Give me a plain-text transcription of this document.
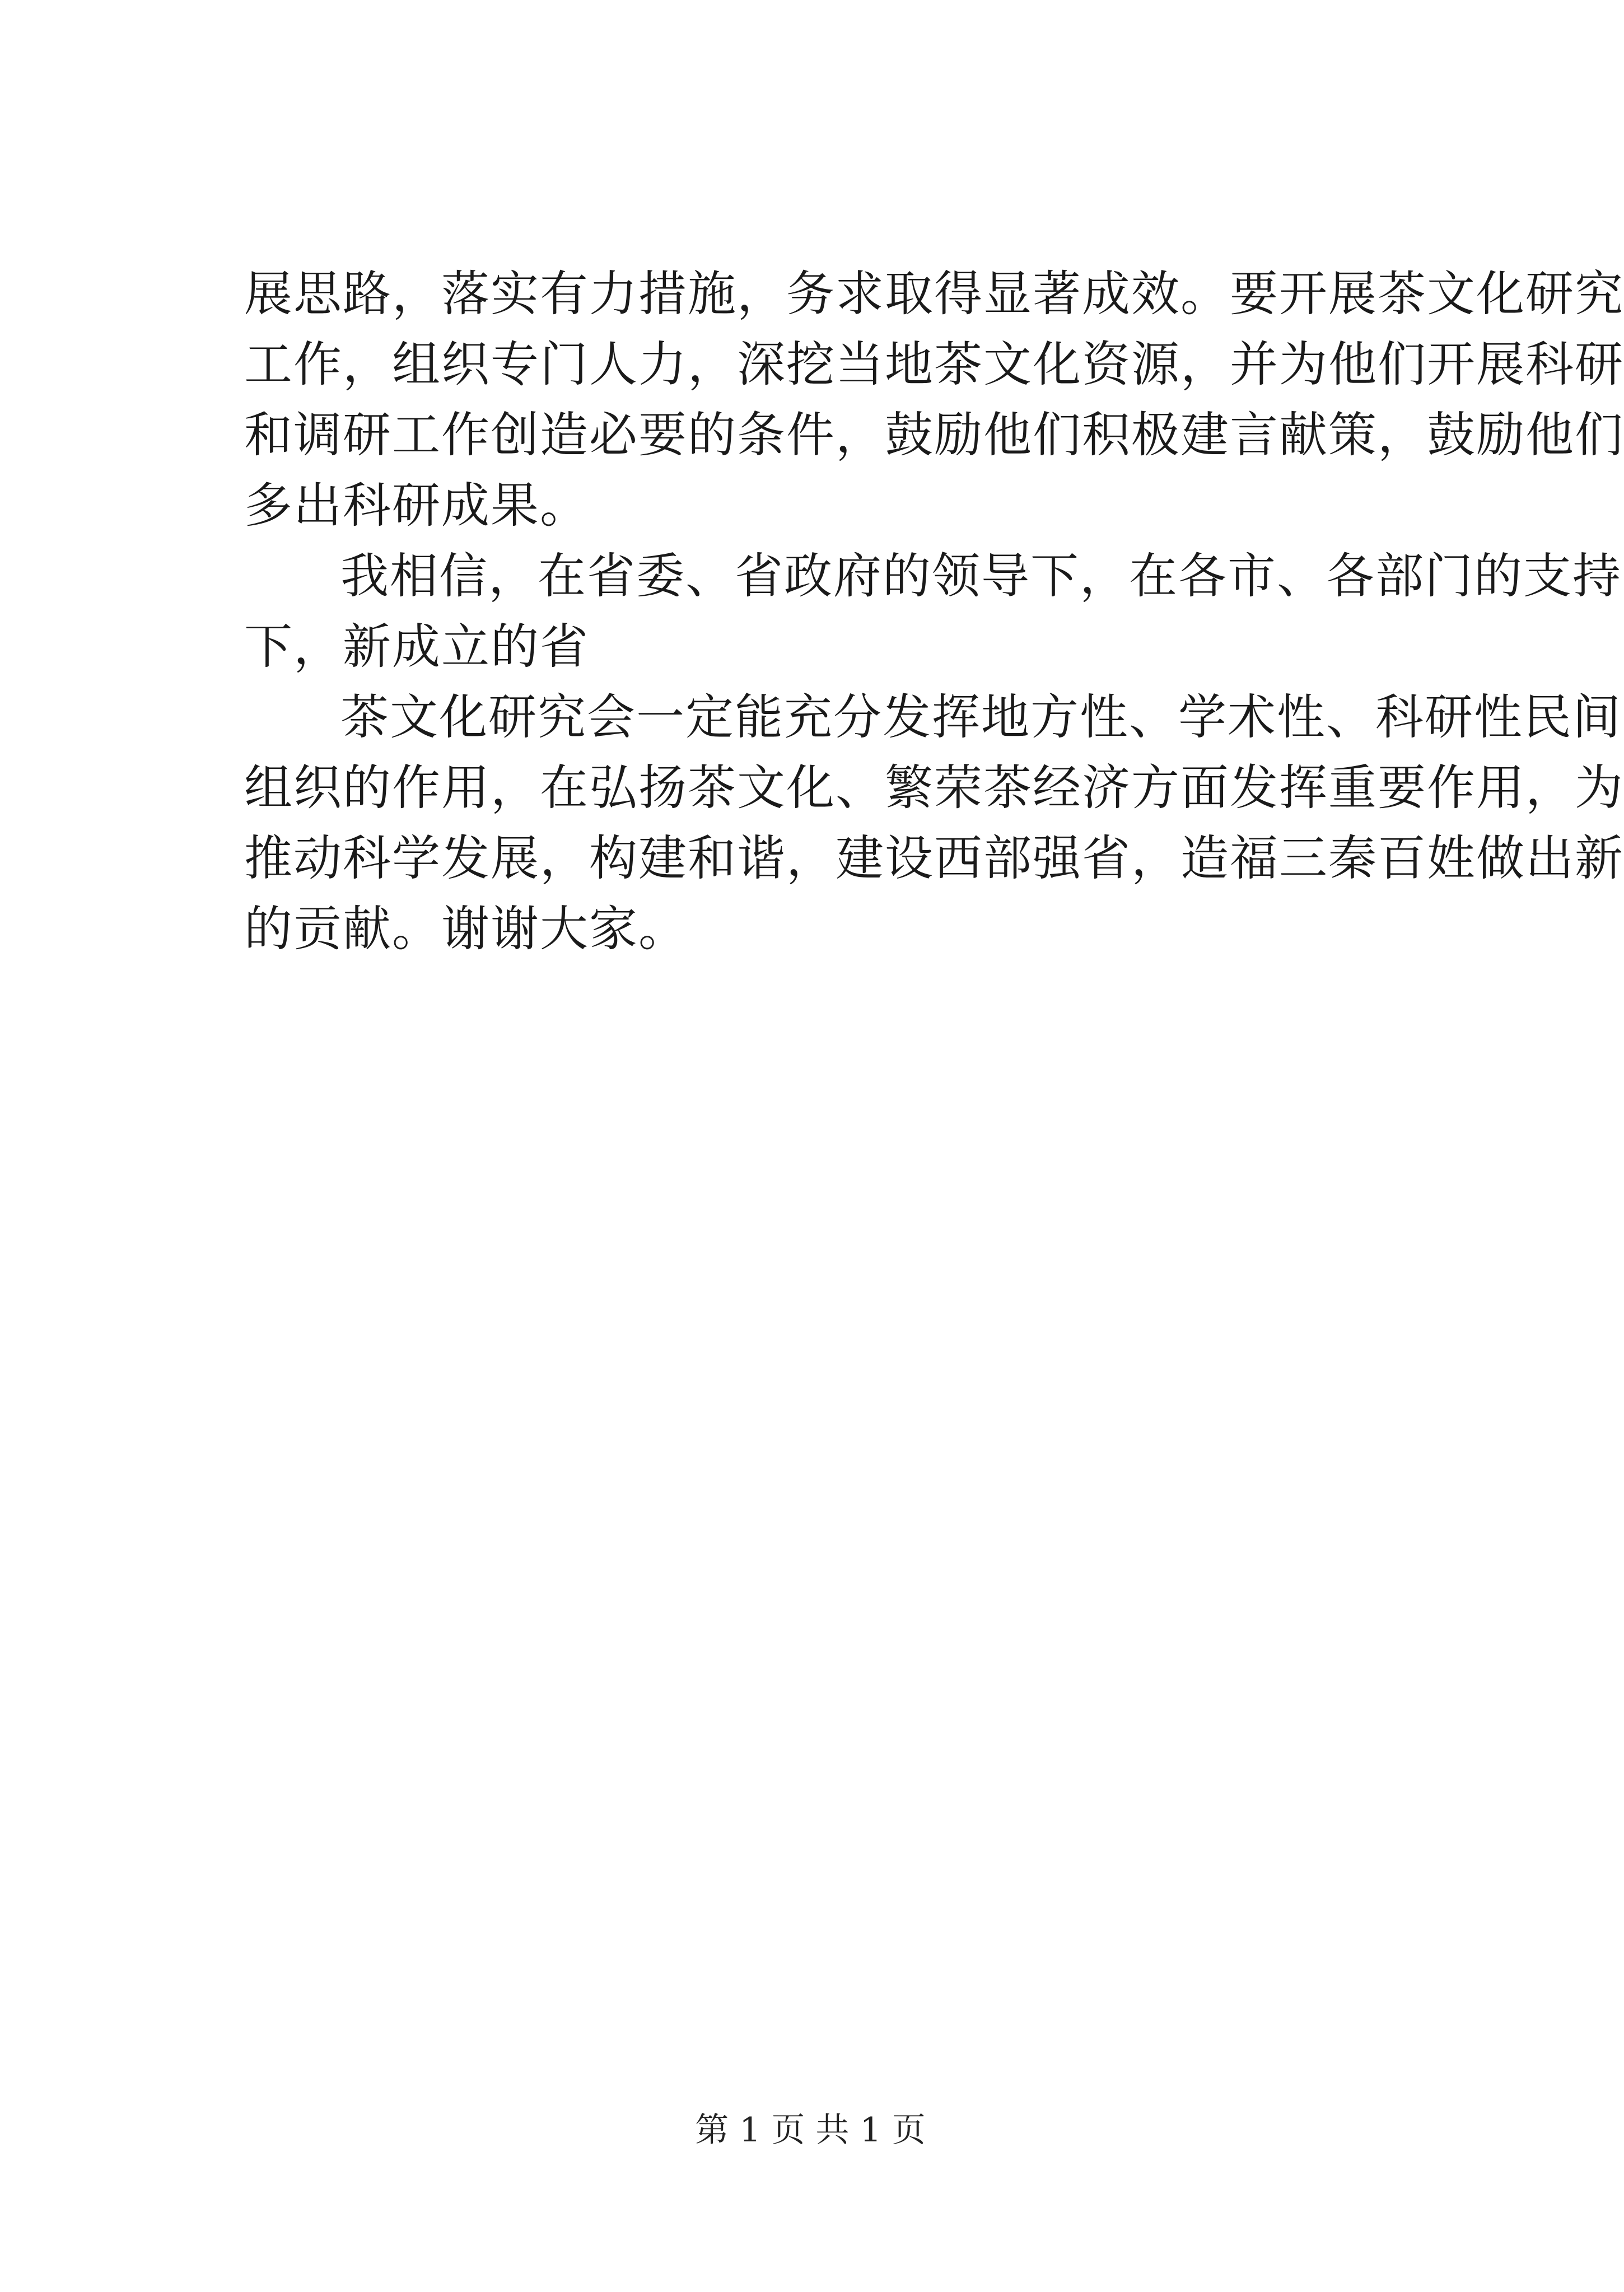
展思路，落实有力措施，务求取得显著成效。要开展茶文化研究
工作，组织专门人力，深挖当地茶文化资源，并为他们开展科研
和调研工作创造必要的条件，鼓励他们积极建言献策，鼓励他们
多出科研成果。
我相信，在省委、省政府的领导下，在各市、各部门的支持
下，新成立的省
茶文化研究会一定能充分发挥地方性、学术性、科研性民间
组织的作用，在弘扬茶文化、繁荣茶经济方面发挥重要作用，为
推动科学发展，构建和谐，建设西部强省，造福三秦百姓做出新
的贡献。谢谢大家。
第 1 页 共 1 页
